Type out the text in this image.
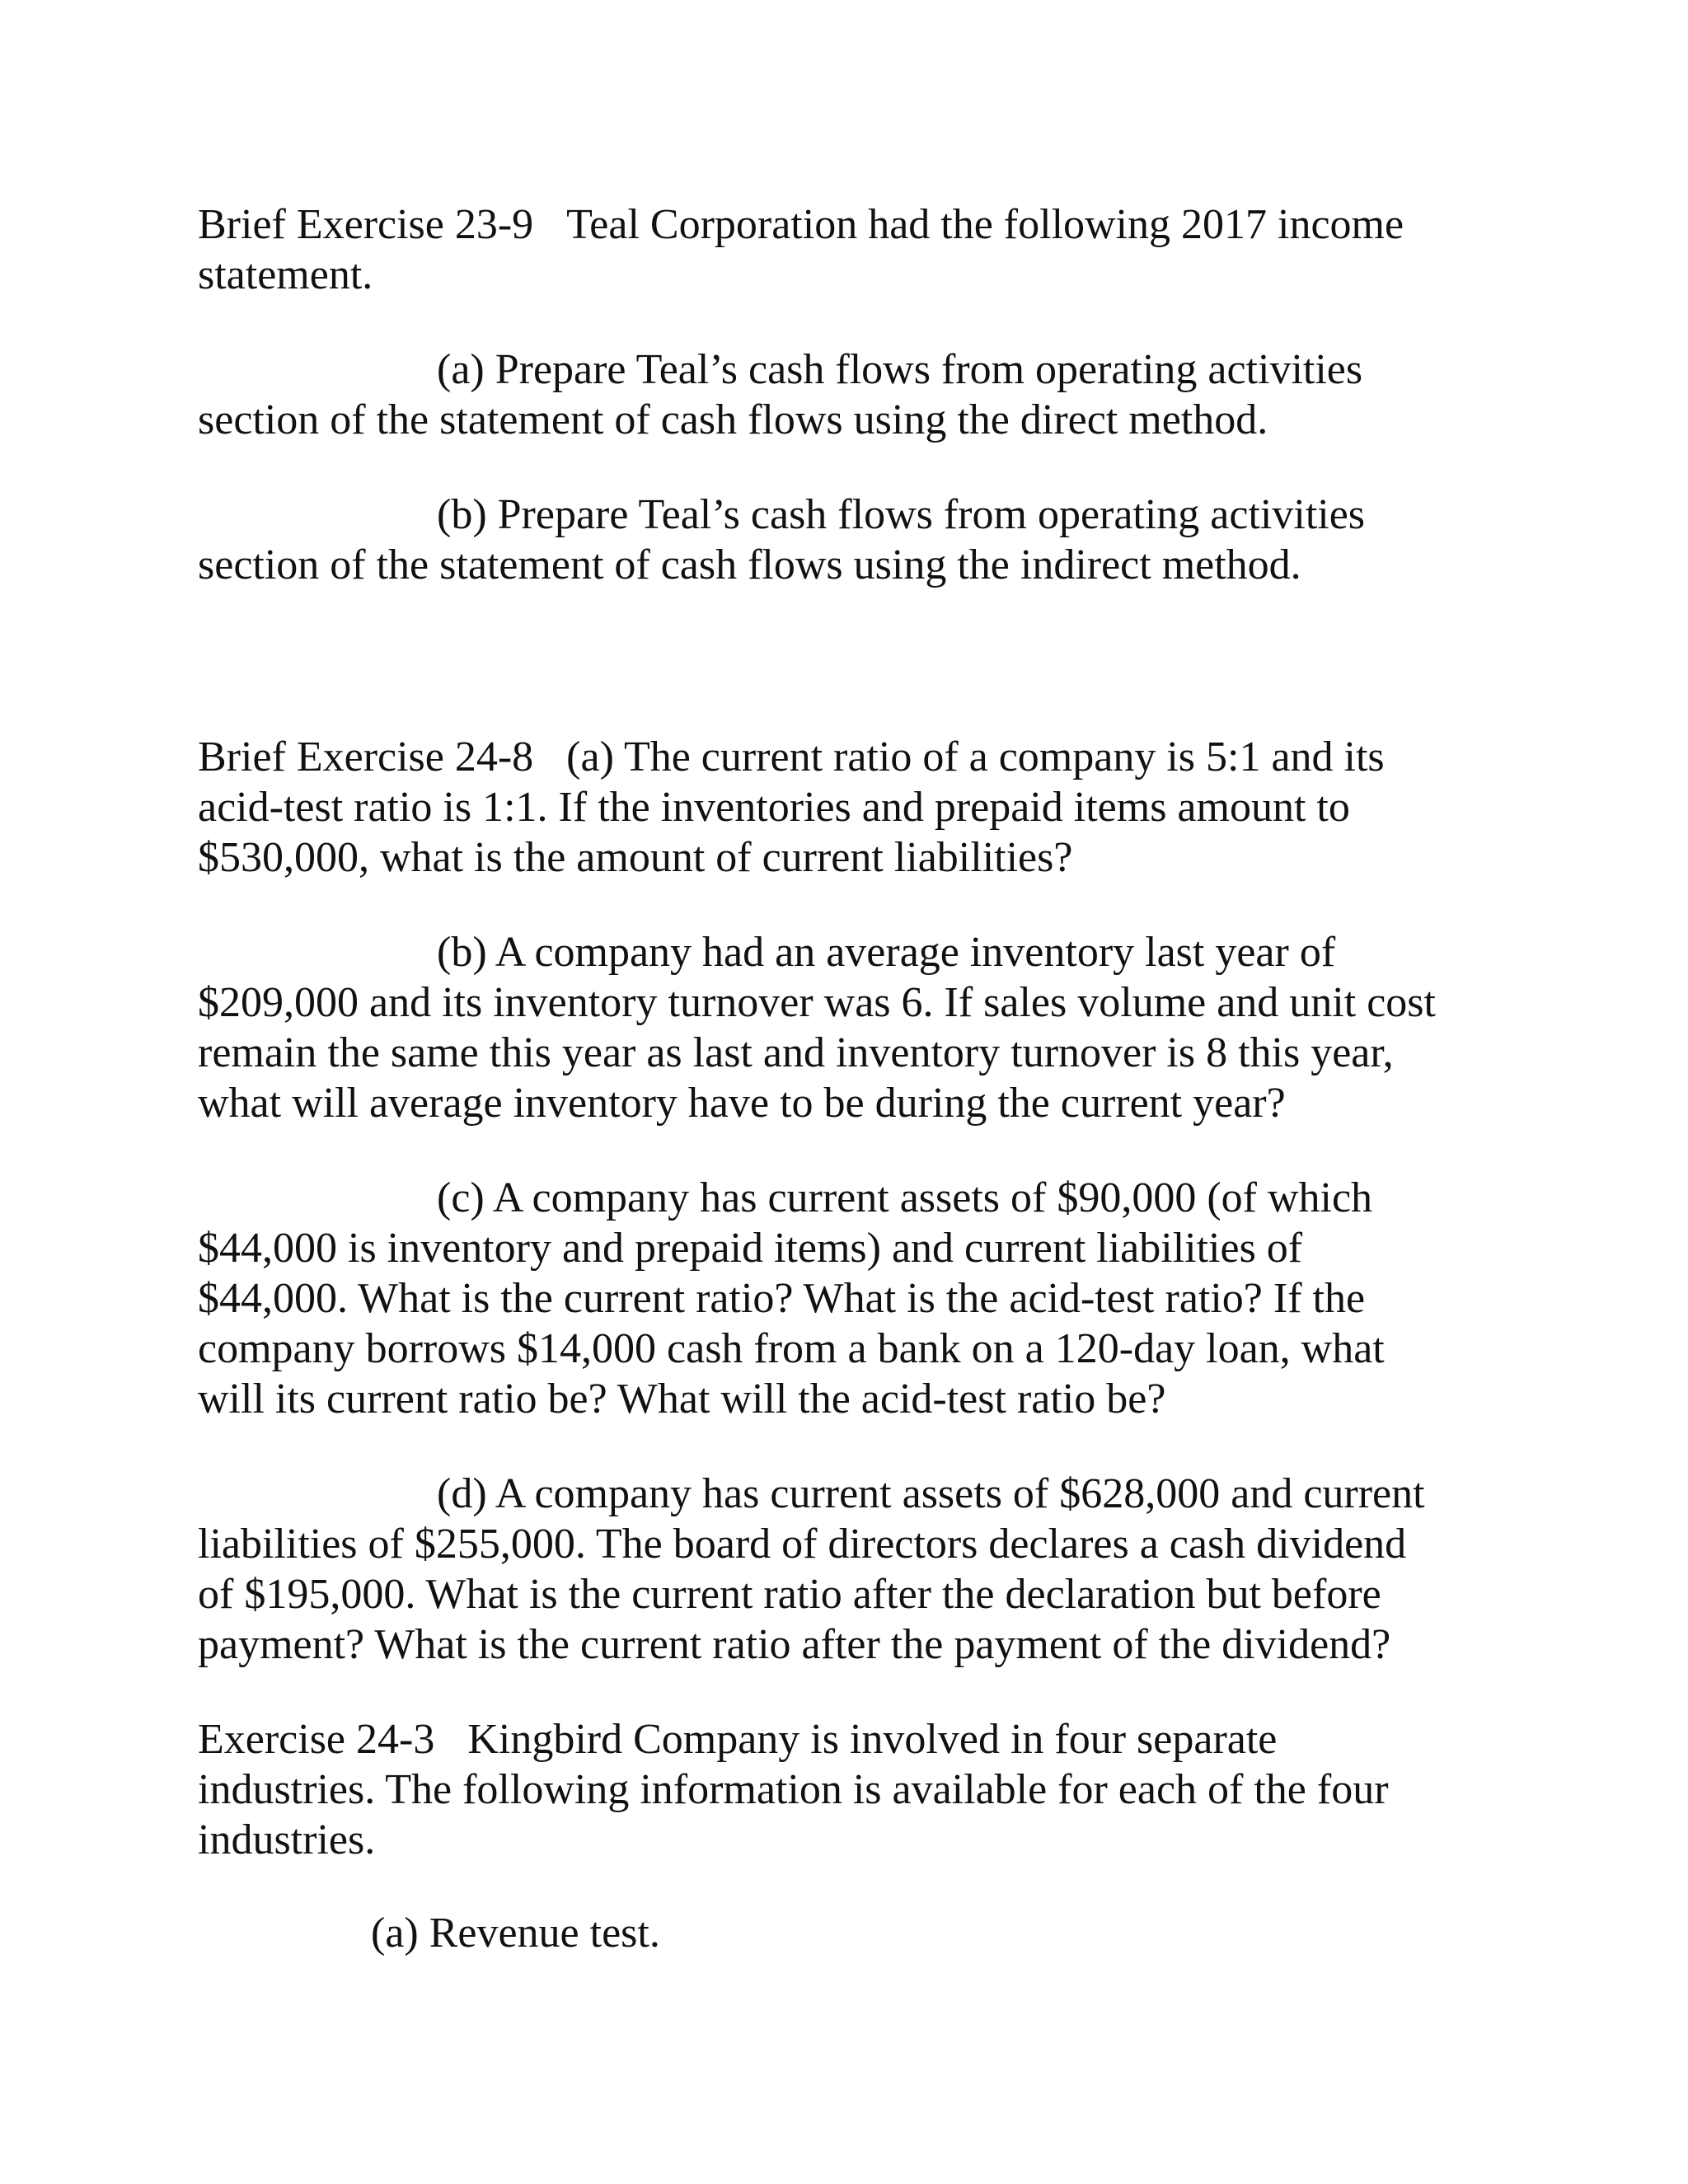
Brief Exercise 23-9 Teal Corporation had the following 2017 income
statement.

(a) Prepare Teal’s cash flows from operating activities
section of the statement of cash flows using the direct method.

(b) Prepare Teal’s cash flows from operating activities
section of the statement of cash flows using the indirect method.

Brief Exercise 24-8 (a) The current ratio of a company is 5:1 and its
acid-test ratio is 1:1. If the inventories and prepaid items amount to
$530,000, what is the amount of current liabilities?

(b) A company had an average inventory last year of
$209,000 and its inventory turnover was 6. If sales volume and unit cost
remain the same this year as last and inventory turnover is 8 this year,
what will average inventory have to be during the current year?

(c) A company has current assets of $90,000 (of which
$44,000 is inventory and prepaid items) and current liabilities of
$44,000. What is the current ratio? What is the acid-test ratio? If the
company borrows $14,000 cash from a bank on a 120-day loan, what
will its current ratio be? What will the acid-test ratio be?

(d) A company has current assets of $628,000 and current
liabilities of $255,000. The board of directors declares a cash dividend
of $195,000. What is the current ratio after the declaration but before
payment? What is the current ratio after the payment of the dividend?

Exercise 24-3 Kingbird Company is involved in four separate
industries. The following information is available for each of the four
industries.

(a) Revenue test.
